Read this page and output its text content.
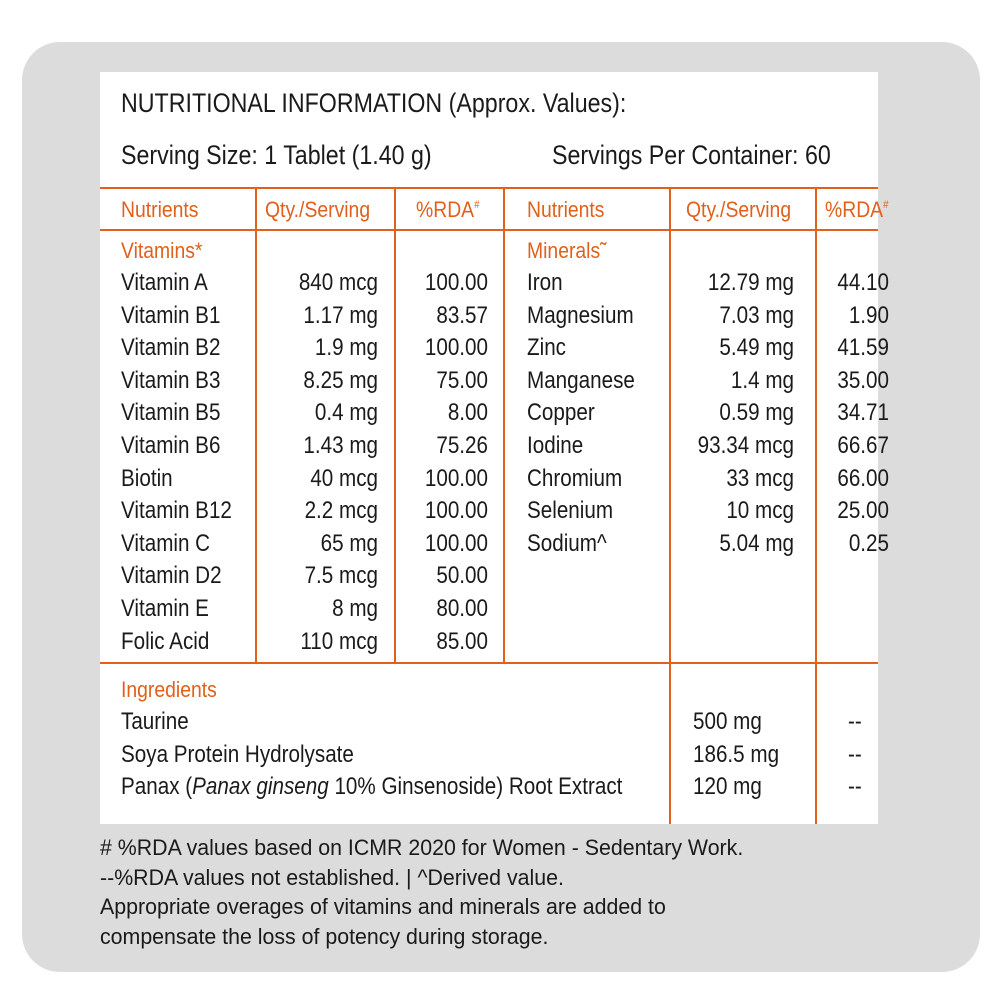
NUTRITIONAL INFORMATION (Approx. Values):
Serving Size: 1 Tablet (1.40 g)	Servings Per Container: 60
Nutrients	Qty./Serving %RDA# Nutrients	Qty./Serving %RDA#
Vitamins*	Minerals˜
Vitamin A	840 mcg	100.00
Vitamin B1	1.17 mg	83.57
Vitamin B2	1.9 mg	100.00
Vitamin B3	8.25 mg	75.00
Vitamin B5	0.4 mg	8.00
Vitamin B6	1.43 mg	75.26
Biotin	40 mcg	100.00
Vitamin B12	2.2 mcg	100.00
Vitamin C	65 mg	100.00
Vitamin D2	7.5 mcg	50.00
Vitamin E	8 mg	80.00
Folic Acid	110 mcg	85.00
Iron	12.79 mg	44.10
Magnesium	7.03 mg	1.90
Zinc	5.49 mg	41.59
Manganese	1.4 mg	35.00
Copper	0.59 mg	34.71
Iodine	93.34 mcg	66.67
Chromium	33 mcg	66.00
Selenium	10 mcg	25.00
Sodium^	5.04 mg	0.25
Ingredients
Taurine	500 mg	--
Soya Protein Hydrolysate	186.5 mg	--
Panax (Panax ginseng 10% Ginsenoside) Root Extract	120 mg	--
# %RDA values based on ICMR 2020 for Women - Sedentary Work.
--%RDA values not established. | ^Derived value.
Appropriate overages of vitamins and minerals are added to
compensate the loss of potency during storage.
